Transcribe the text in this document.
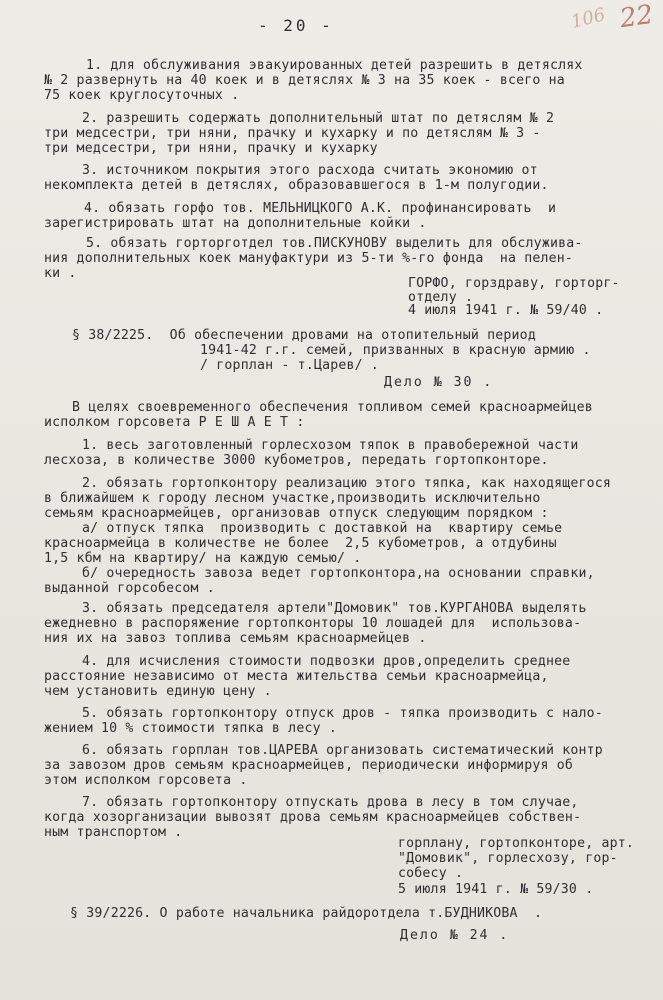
- 20 -	106 22
1. для обслуживания эвакуированных детей разрешить в детяслях
№ 2 развернуть на 40 коек и в детяслях № 3 на 35 коек - всего на
75 коек круглосуточных .
2. разрешить содержать дополнительный штат по детяслям № 2
три медсестри, три няни, прачку и кухарку и по детяслям № 3 -
три медсестри, три няни, прачку и кухарку
3. источником покрытия этого расхода считать экономию от
некомплекта детей в детяслях, образовавшегося в 1-м полугодии.
4. обязать горфо тов. МЕЛЬНИЦКОГО А.К. профинансировать  и
зарегистрировать штат на дополнительные койки .
5. обязать горторготдел тов.ПИСКУНОВУ выделить для обслужива-
ния дополнительных коек мануфактури из 5-ти %-го фонда  на пелен-
ки .
ГОРФО, горздраву, горторг-
отделу .
4 июля 1941 г. № 59/40 .
§ 38/2225.  Об обеспечении дровами на отопительный период
1941-42 г.г. семей, призванных в красную армию .
/ горплан - т.Царев/ .
Дело № 30 .
В целях своевременного обеспечения топливом семей красноармейцев
исполком горсовета Р Е Ш А Е Т :
1. весь заготовленный горлесхозом тяпок в правобережной части
лесхоза, в количестве 3000 кубометров, передать гортопконторе.
2. обязать гортопконтору реализацию этого тяпка, как находящегося
в ближайшем к городу лесном участке,производить исключительно
семьям красноармейцев, организовав отпуск следующим порядком :
а/ отпуск тяпка  производить с доставкой на  квартиру семье
красноармейца в количестве не более  2,5 кубометров, а отдубины
1,5 кбм на квартиру/ на каждую семью/ .
б/ очередность завоза ведет гортопконтора,на основании справки,
выданной горсобесом .
3. обязать председателя артели"Домовик" тов.КУРГАНОВА выделять
ежедневно в распоряжение гортопконторы 10 лошадей для  использова-
ния их на завоз топлива семьям красноармейцев .
4. для исчисления стоимости подвозки дров,определить среднее
расстояние независимо от места жительства семьи красноармейца,
чем установить единую цену .
5. обязать гортопконтору отпуск дров - тяпка производить с нало-
жением 10 % стоимости тяпка в лесу .
6. обязать горплан тов.ЦАРЕВА организовать систематический контр
за завозом дров семьям красноармейцев, периодически информируя об
этом исполком горсовета .
7. обязать гортопконтору отпускать дрова в лесу в том случае,
когда хозорганизации вывозят дрова семьям красноармейцев собствен-
ным транспортом .
горплану, гортопконторе, арт.
"Домовик", горлесхозу, гор-
собесу .
5 июля 1941 г. № 59/30 .
§ 39/2226. О работе начальника райдоротдела т.БУДНИКОВА  .
Дело № 24 .
